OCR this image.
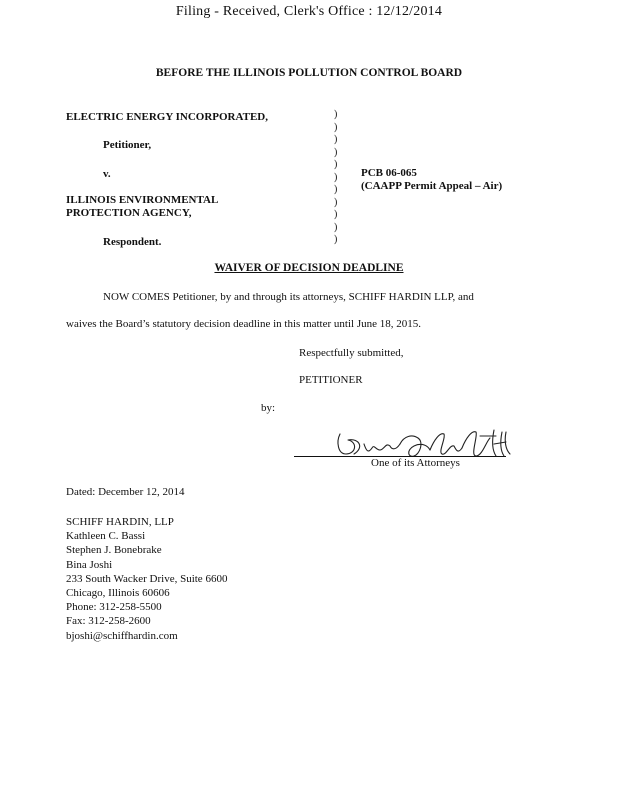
Filing - Received, Clerk's Office : 12/12/2014
BEFORE THE ILLINOIS POLLUTION CONTROL BOARD
ELECTRIC ENERGY INCORPORATED,
Petitioner,
v.
ILLINOIS ENVIRONMENTAL
PROTECTION AGENCY,
Respondent.
)
)
)
)
)
)
)
)
)
)
)
PCB 06-065
(CAAPP Permit Appeal – Air)
WAIVER OF DECISION DEADLINE
NOW COMES Petitioner, by and through its attorneys, SCHIFF HARDIN LLP, and
waives the Board’s statutory decision deadline in this matter until June 18, 2015.
Respectfully submitted,
PETITIONER
by:
One of its Attorneys
Dated: December 12, 2014
SCHIFF HARDIN, LLP
Kathleen C. Bassi
Stephen J. Bonebrake
Bina Joshi
233 South Wacker Drive, Suite 6600
Chicago, Illinois 60606
Phone: 312-258-5500
Fax: 312-258-2600
bjoshi@schiffhardin.com
